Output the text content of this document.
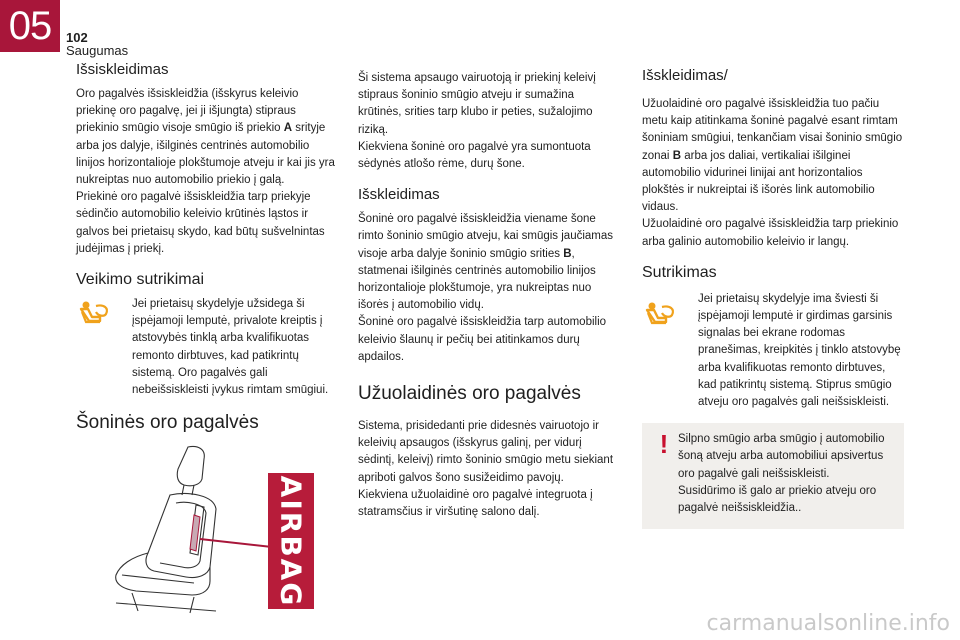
05 102
Saugumas
Išsiskleidimas

Oro pagalvės išsiskleidžia (išskyrus keleivio priekinę oro pagalvę, jei ji išjungta) stipraus priekinio smūgio visoje smūgio iš priekio A srityje arba jos dalyje, išilginės centrinės automobilio linijos horizontalioje plokštumoje atveju ir kai jis yra nukreiptas nuo automobilio priekio į galą.

Priekinė oro pagalvė išsiskleidžia tarp priekyje sėdinčio automobilio keleivio krūtinės ląstos ir galvos bei prietaisų skydo, kad būtų sušvelnintas judėjimas į priekį.

Veikimo sutrikimai

Jei prietaisų skydelyje užsidega ši įspėjamoji lemputė, privalote kreiptis į atstovybės tinklą arba kvalifikuotas remonto dirbtuves, kad patikrintų sistemą. Oro pagalvės gali nebeišsiskleisti įvykus rimtam smūgiui.

Šoninės oro pagalvės
AIRBAG

Ši sistema apsaugo vairuotoją ir priekinį keleivį stipraus šoninio smūgio atveju ir sumažina krūtinės, srities tarp klubo ir peties, sužalojimo riziką.

Kiekviena šoninė oro pagalvė yra sumontuota sėdynės atlošo rėme, durų šone.

Išskleidimas

Šoninė oro pagalvė išsiskleidžia viename šone rimto šoninio smūgio atveju, kai smūgis jaučiamas visoje arba dalyje šoninio smūgio srities B, statmenai išilginės centrinės automobilio linijos horizontalioje plokštumoje, yra nukreiptas nuo išorės į automobilio vidų.

Šoninė oro pagalvė išsiskleidžia tarp automobilio keleivio šlaunų ir pečių bei atitinkamos durų apdailos.

Užuolaidinės oro pagalvės

Sistema, prisidedanti prie didesnės vairuotojo ir keleivių apsaugos (išskyrus galinį, per vidurį sėdintį, keleivį) rimto šoninio smūgio metu siekiant apriboti galvos šono susižeidimo pavojų.

Kiekviena užuolaidinė oro pagalvė integruota į statramsčius ir viršutinę salono dalį.

Išskleidimas/

Užuolaidinė oro pagalvė išsiskleidžia tuo pačiu metu kaip atitinkama šoninė pagalvė esant rimtam šoniniam smūgiui, tenkančiam visai šoninio smūgio zonai B arba jos daliai, vertikaliai išilginei automobilio vidurinei linijai ant horizontalios plokštės ir nukreiptai iš išorės link automobilio vidaus.

Užuolaidinė oro pagalvė išsiskleidžia tarp priekinio arba galinio automobilio keleivio ir langų.

Sutrikimas

Jei prietaisų skydelyje ima šviesti ši įspėjamoji lemputė ir girdimas garsinis signalas bei ekrane rodomas pranešimas, kreipkitės į tinklo atstovybę arba kvalifikuotas remonto dirbtuves, kad patikrintų sistemą. Stiprus smūgio atveju oro pagalvės gali neišsiskleisti.

! Silpno smūgio arba smūgio į automobilio šoną atveju arba automobiliui apsivertus oro pagalvė gali neišsiskleisti.

Susidūrimo iš galo ar priekio atveju oro pagalvė neišsiskleidžia..

carmanualsonline.info
